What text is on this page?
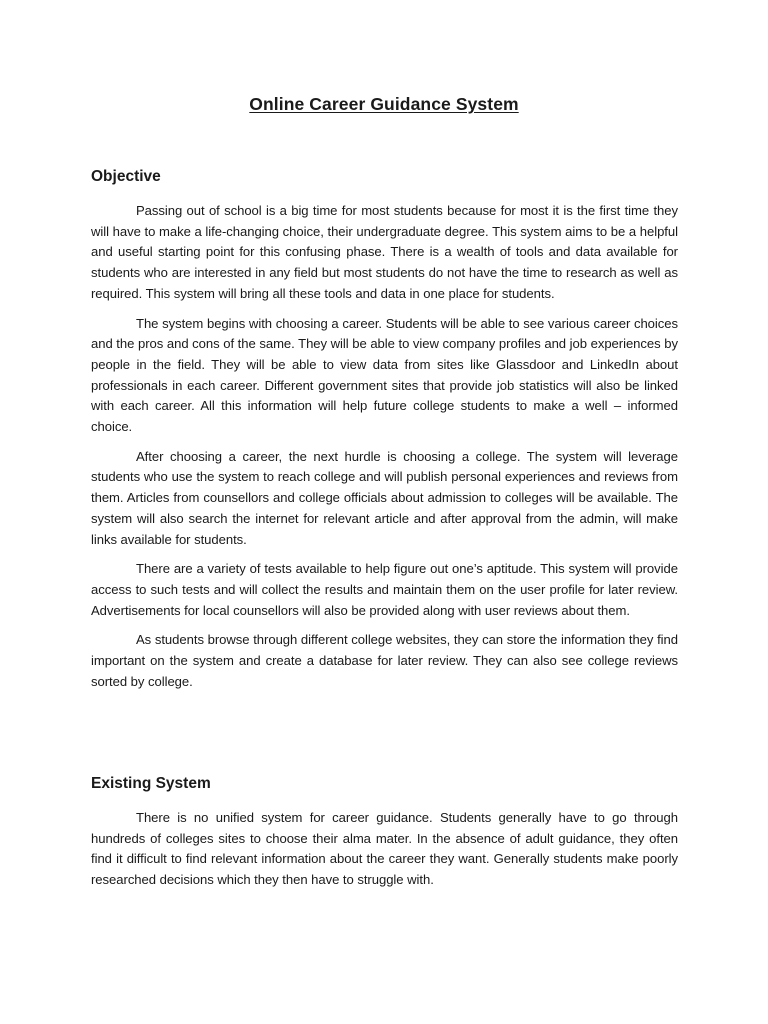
Online Career Guidance System
Objective

Passing out of school is a big time for most students because for most it is the first time they will have to make a life-changing choice, their undergraduate degree. This system aims to be a helpful and useful starting point for this confusing phase. There is a wealth of tools and data available for students who are interested in any field but most students do not have the time to research as well as required. This system will bring all these tools and data in one place for students.

The system begins with choosing a career. Students will be able to see various career choices and the pros and cons of the same. They will be able to view company profiles and job experiences by people in the field. They will be able to view data from sites like Glassdoor and LinkedIn about professionals in each career. Different government sites that provide job statistics will also be linked with each career. All this information will help future college students to make a well – informed choice.

After choosing a career, the next hurdle is choosing a college. The system will leverage students who use the system to reach college and will publish personal experiences and reviews from them. Articles from counsellors and college officials about admission to colleges will be available. The system will also search the internet for relevant article and after approval from the admin, will make links available for students.

There are a variety of tests available to help figure out one’s aptitude. This system will provide access to such tests and will collect the results and maintain them on the user profile for later review. Advertisements for local counsellors will also be provided along with user reviews about them.

As students browse through different college websites, they can store the information they find important on the system and create a database for later review. They can also see college reviews sorted by college.

Existing System

There is no unified system for career guidance. Students generally have to go through hundreds of colleges sites to choose their alma mater. In the absence of adult guidance, they often find it difficult to find relevant information about the career they want. Generally students make poorly researched decisions which they then have to struggle with.
